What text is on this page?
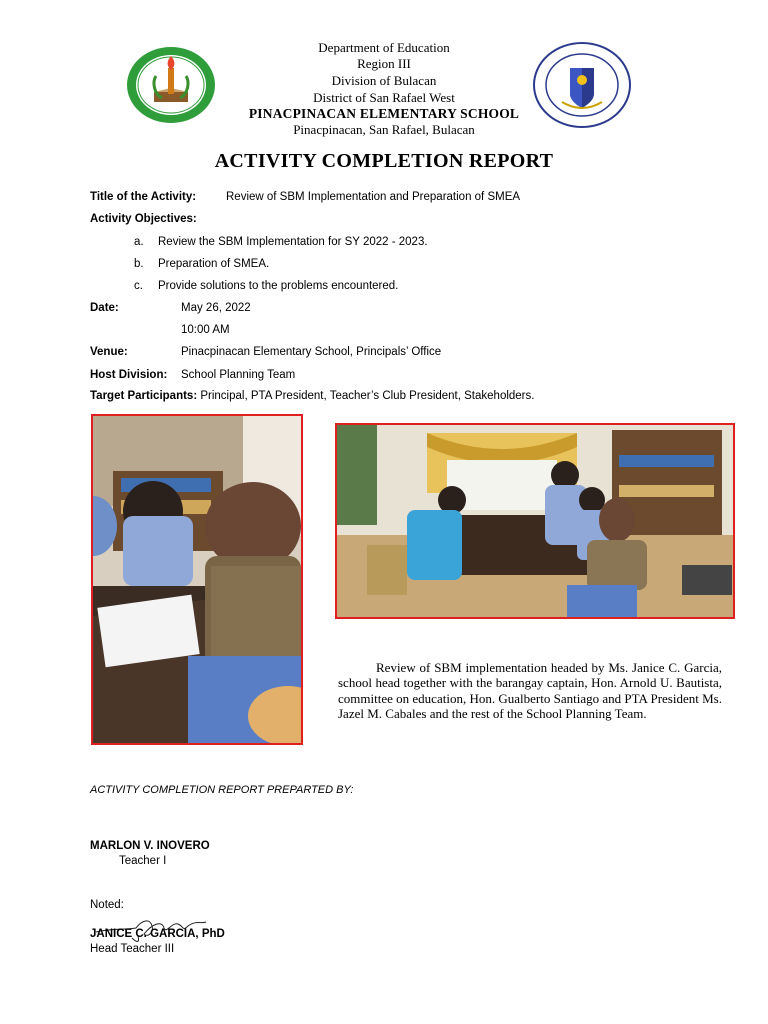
Department of Education
Region III
Division of Bulacan
District of San Rafael West
PINACPINACAN ELEMENTARY SCHOOL
Pinacpinacan, San Rafael, Bulacan
ACTIVITY COMPLETION REPORT
Title of the Activity:	Review of SBM Implementation and Preparation of SMEA
Activity Objectives:
a. Review the SBM Implementation for SY 2022 - 2023.
b. Preparation of SMEA.
c. Provide solutions to the problems encountered.
Date:	May 26, 2022
10:00 AM
Venue:	Pinacpinacan Elementary School, Principals’ Office
Host Division: School Planning Team
Target Participants: Principal, PTA President, Teacher’s Club President, Stakeholders.
Review of SBM implementation headed by Ms. Janice C. Garcia, school head together with the barangay captain, Hon. Arnold U. Bautista, committee on education, Hon. Gualberto Santiago and PTA President Ms. Jazel M. Cabales and the rest of the School Planning Team.
ACTIVITY COMPLETION REPORT PREPARTED BY:
MARLON V. INOVERO
Teacher I
Noted:
JANICE C. GARCIA, PhD
Head Teacher III
